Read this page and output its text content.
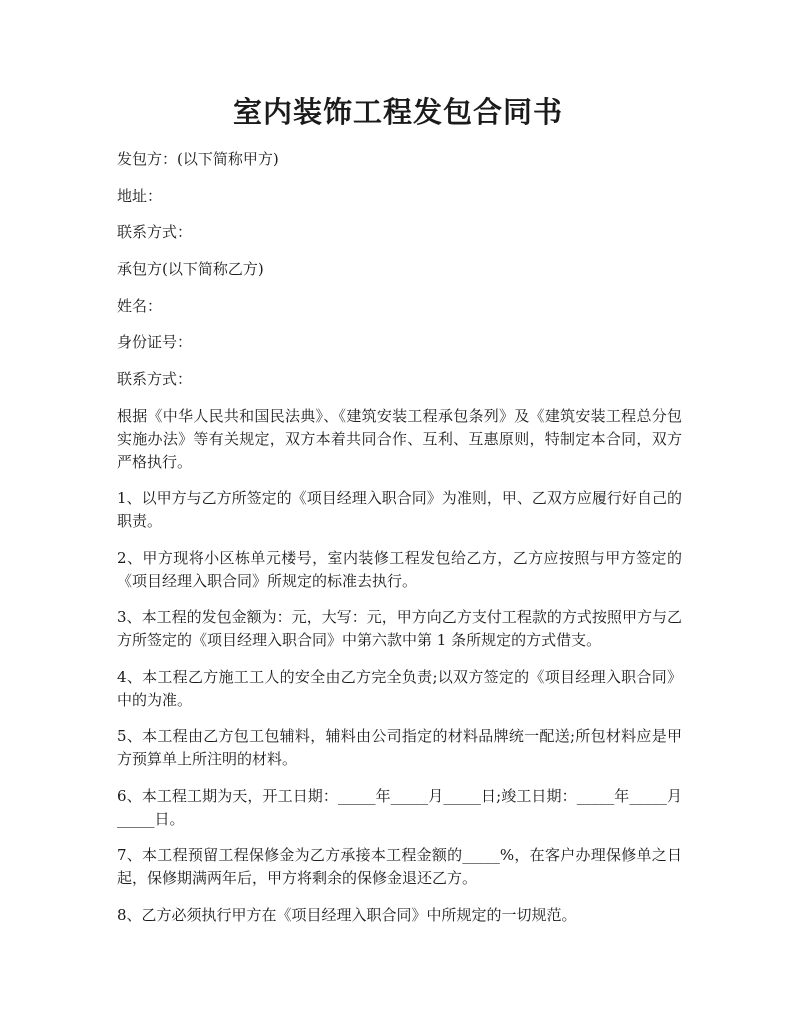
室内装饰工程发包合同书

发包方：(以下简称甲方)

地址：

联系方式：

承包方(以下简称乙方)

姓名：

身份证号：

联系方式：

根据《中华人民共和国民法典》、《建筑安装工程承包条列》及《建筑安装工程总分包实施办法》等有关规定，双方本着共同合作、互利、互惠原则，特制定本合同，双方严格执行。

1、以甲方与乙方所签定的《项目经理入职合同》为准则，甲、乙双方应履行好自己的职责。

2、甲方现将小区栋单元楼号，室内装修工程发包给乙方，乙方应按照与甲方签定的《项目经理入职合同》所规定的标准去执行。

3、本工程的发包金额为：元，大写：元，甲方向乙方支付工程款的方式按照甲方与乙方所签定的《项目经理入职合同》中第六款中第 1 条所规定的方式借支。

4、本工程乙方施工工人的安全由乙方完全负责;以双方签定的《项目经理入职合同》中的为准。

5、本工程由乙方包工包辅料，辅料由公司指定的材料品牌统一配送;所包材料应是甲方预算单上所注明的材料。

6、本工程工期为天，开工日期：_____年_____月_____日;竣工日期：_____年_____月_____日。

7、本工程预留工程保修金为乙方承接本工程金额的_____%，在客户办理保修单之日起，保修期满两年后，甲方将剩余的保修金退还乙方。

8、乙方必须执行甲方在《项目经理入职合同》中所规定的一切规范。
